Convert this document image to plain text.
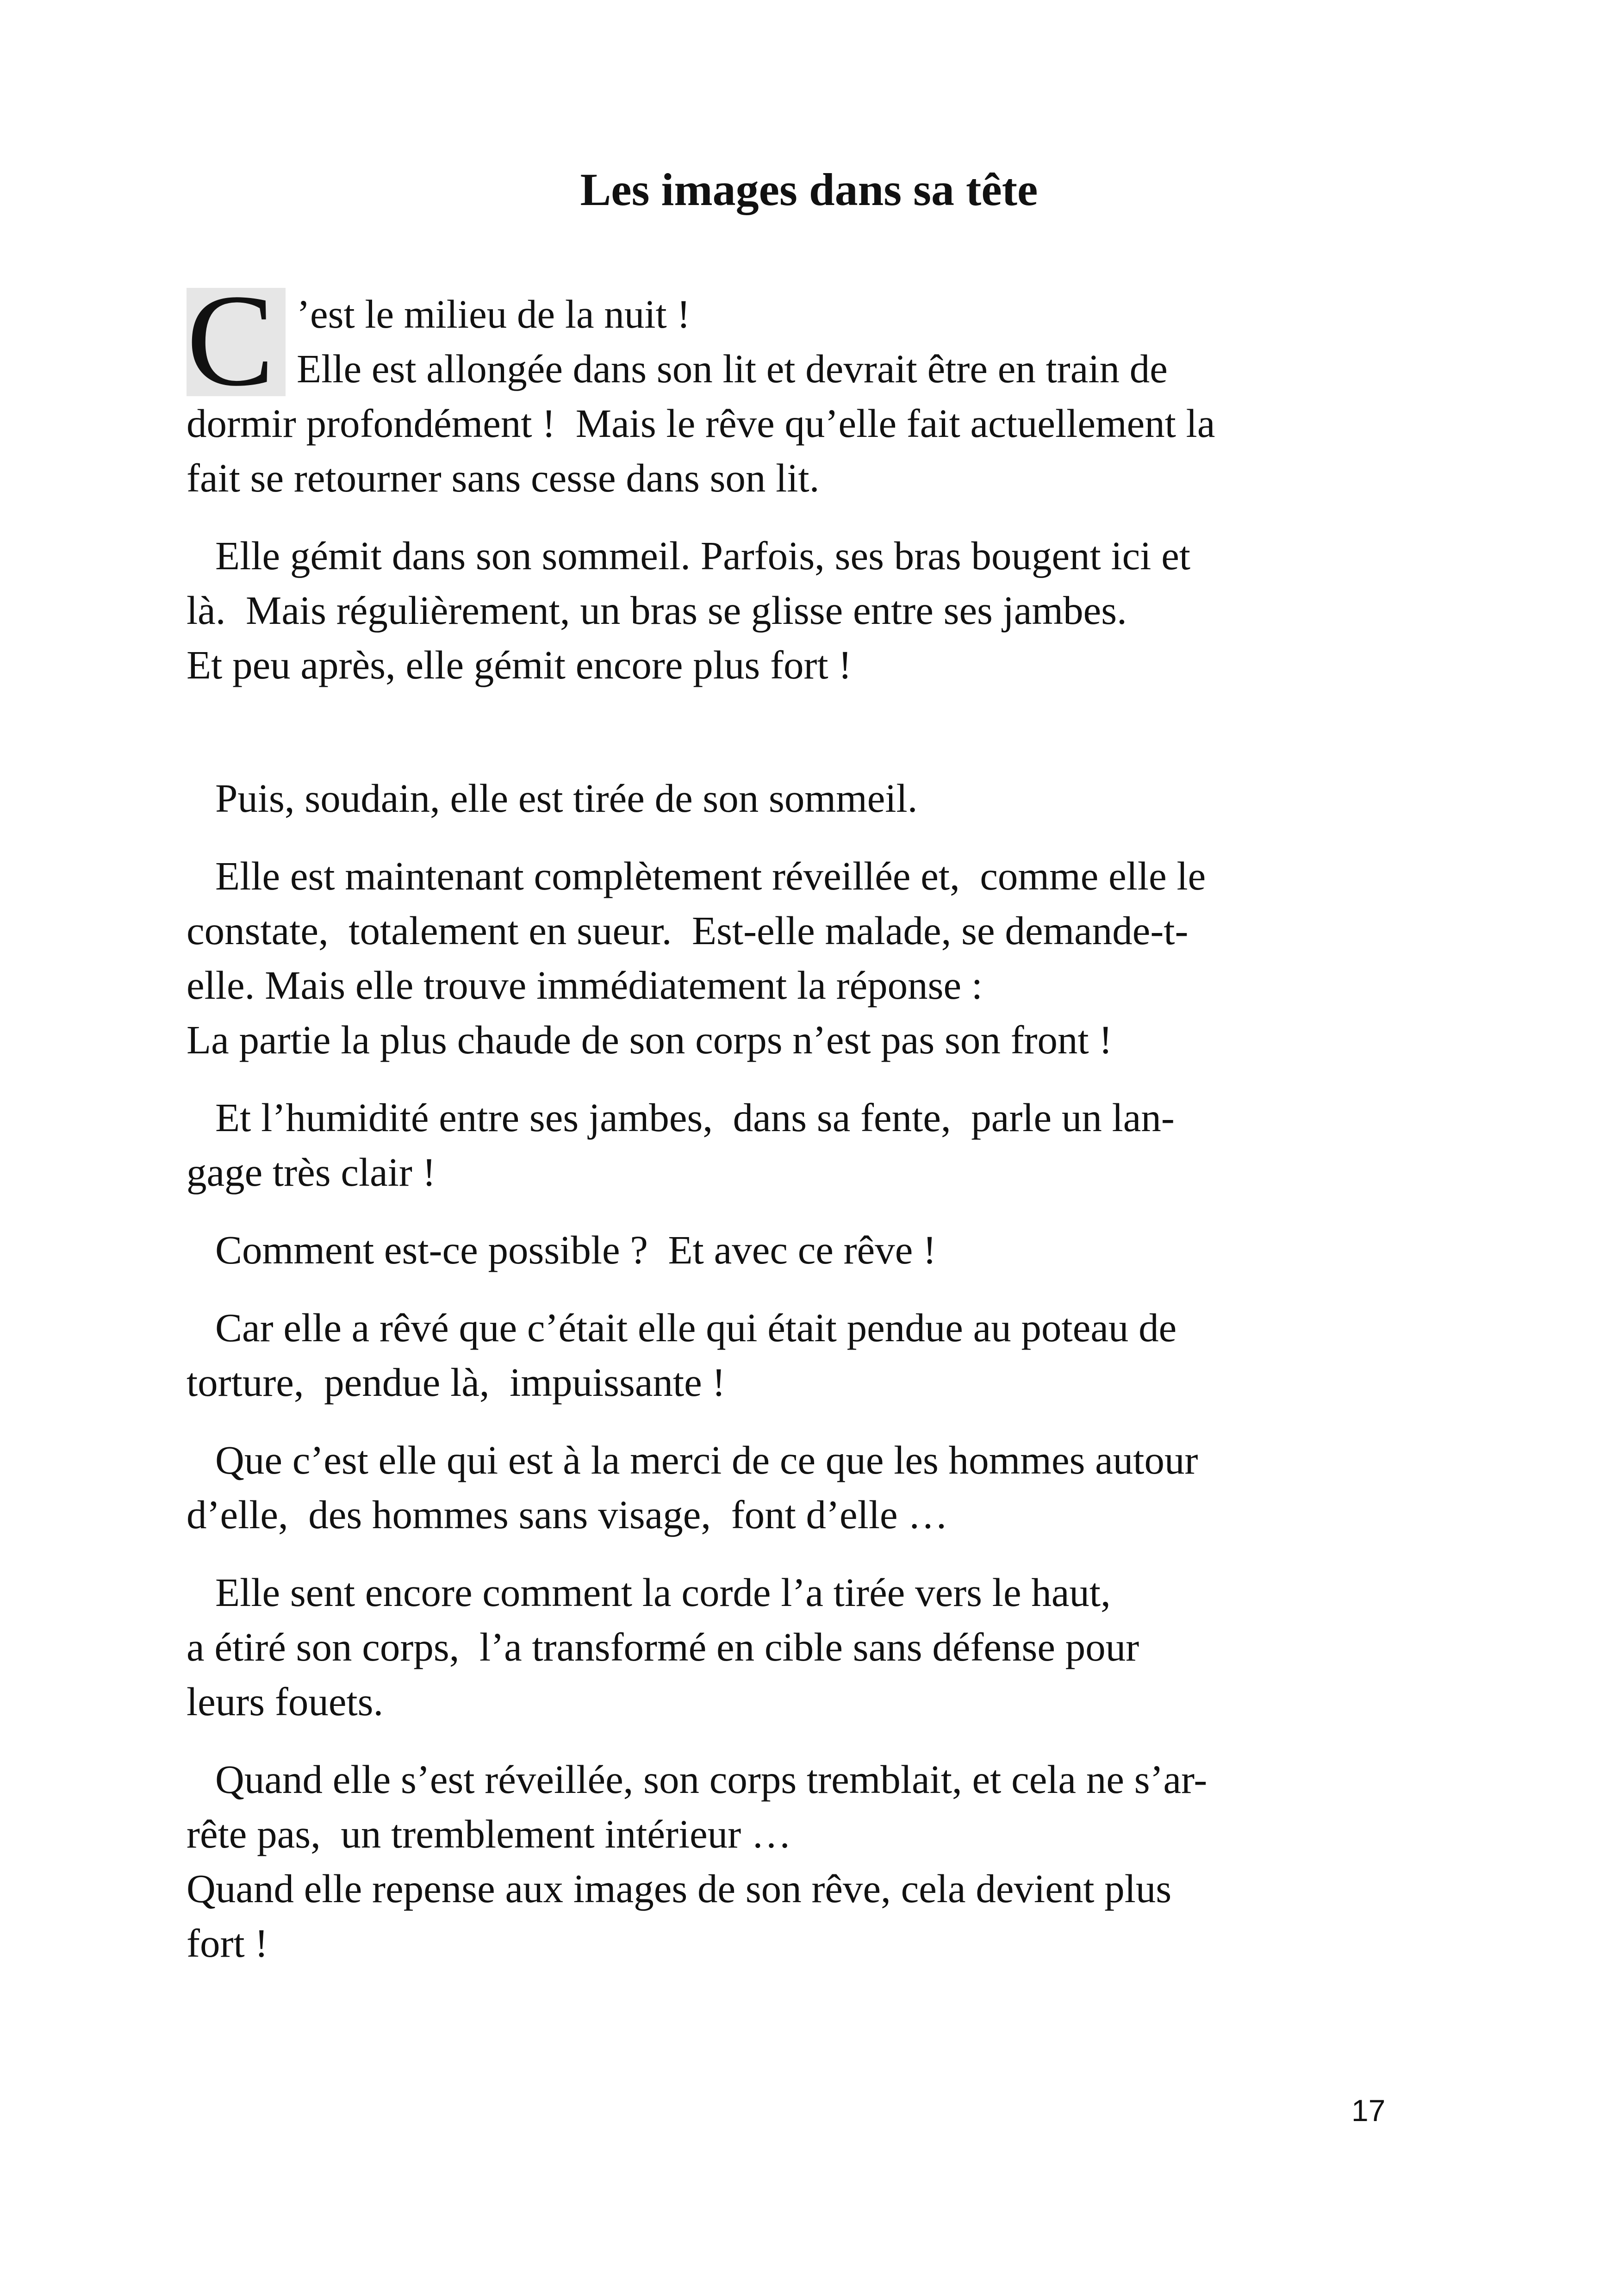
Les images dans sa tête
C ’est le milieu de la nuit !
Elle est allongée dans son lit et devrait être en train de
dormir profondément !  Mais le rêve qu’elle fait actuellement la
fait se retourner sans cesse dans son lit.
Elle gémit dans son sommeil. Parfois, ses bras bougent ici et
là.  Mais régulièrement, un bras se glisse entre ses jambes.
Et peu après, elle gémit encore plus fort !
Puis, soudain, elle est tirée de son sommeil.
Elle est maintenant complètement réveillée et,  comme elle le
constate,  totalement en sueur.  Est-elle malade, se demande-t-
elle. Mais elle trouve immédiatement la réponse :
La partie la plus chaude de son corps n’est pas son front !
Et l’humidité entre ses jambes,  dans sa fente,  parle un lan-
gage très clair !
Comment est-ce possible ?  Et avec ce rêve !
Car elle a rêvé que c’était elle qui était pendue au poteau de
torture,  pendue là,  impuissante !
Que c’est elle qui est à la merci de ce que les hommes autour
d’elle,  des hommes sans visage,  font d’elle …
Elle sent encore comment la corde l’a tirée vers le haut,
a étiré son corps,  l’a transformé en cible sans défense pour
leurs fouets.
Quand elle s’est réveillée, son corps tremblait, et cela ne s’ar-
rête pas,  un tremblement intérieur …
Quand elle repense aux images de son rêve, cela devient plus
fort !
17
